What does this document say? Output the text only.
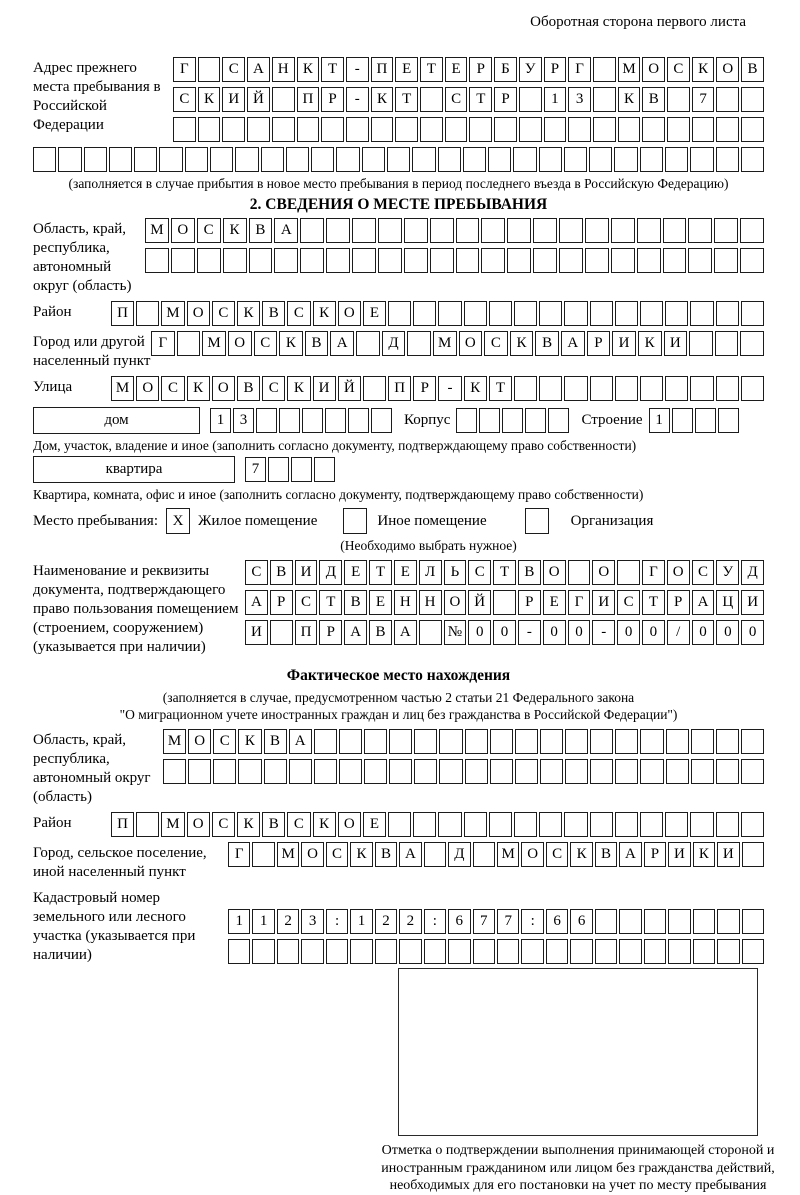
Оборотная сторона первого листа
Адрес прежнего места пребывания в Российской Федерации
Г	С А Н К	Т	-	П Е	Т	Е	Р	Б	У	Р	Г	М О С К О В
С К И Й	П	Р	-	К	Т	С	Т	Р	1	3	К В	7
(заполняется в случае прибытия в новое место пребывания в период последнего въезда в Российскую Федерацию)
2. СВЕДЕНИЯ О МЕСТЕ ПРЕБЫВАНИЯ
Область, край, республика, автономный округ (область)
М О	С	К	В	А
Район	П	М О С	К	В	С	К О	Е
Город или другой населенный пункт
Г	М О	С	К	В	А	Д	М О	С	К	В	А	Р	И	К	И
Улица	М О С	К О В	С	К И Й	П	Р	-	К	Т
дом	1	3	Корпус	Строение 1
Дом, участок, владение и иное (заполнить согласно документу, подтверждающему право собственности)
квартира	7
Квартира, комната, офис и иное (заполнить согласно документу, подтверждающему право собственности)
Место пребывания: X Жилое помещение	Иное помещение	Организация
(Необходимо выбрать нужное)
Наименование и реквизиты документа, подтверждающего право пользования помещением (строением, сооружением) (указывается при наличии)
С В И Д	Е	Т	Е	Л	Ь	С	Т	В О	О	Г	О С У Д
А	Р	С	Т	В	Е Н Н О Й	Р	Е	Г	И С	Т	Р	А Ц И
И	П	Р	А В А	№ 0	0	-	0	0	-	0	0	/	0	0	0
Фактическое место нахождения
(заполняется в случае, предусмотренном частью 2 статьи 21 Федерального закона
"О миграционном учете иностранных граждан и лиц без гражданства в Российской Федерации")
Область, край, республика, автономный округ (область)
М О С	К	В А
Район	П	М О С	К	В	С	К О	Е
Город, сельское поселение, иной населенный пункт
Г	М О С К В А	Д	М О С К В А Р И К И
Кадастровый номер земельного или лесного участка (указывается при наличии)
1	1	2	3	:	1	2	2	:	6	7	7	:	6	6
Отметка о подтверждении выполнения принимающей стороной и иностранным гражданином или лицом без гражданства действий, необходимых для его постановки на учет по месту пребывания
